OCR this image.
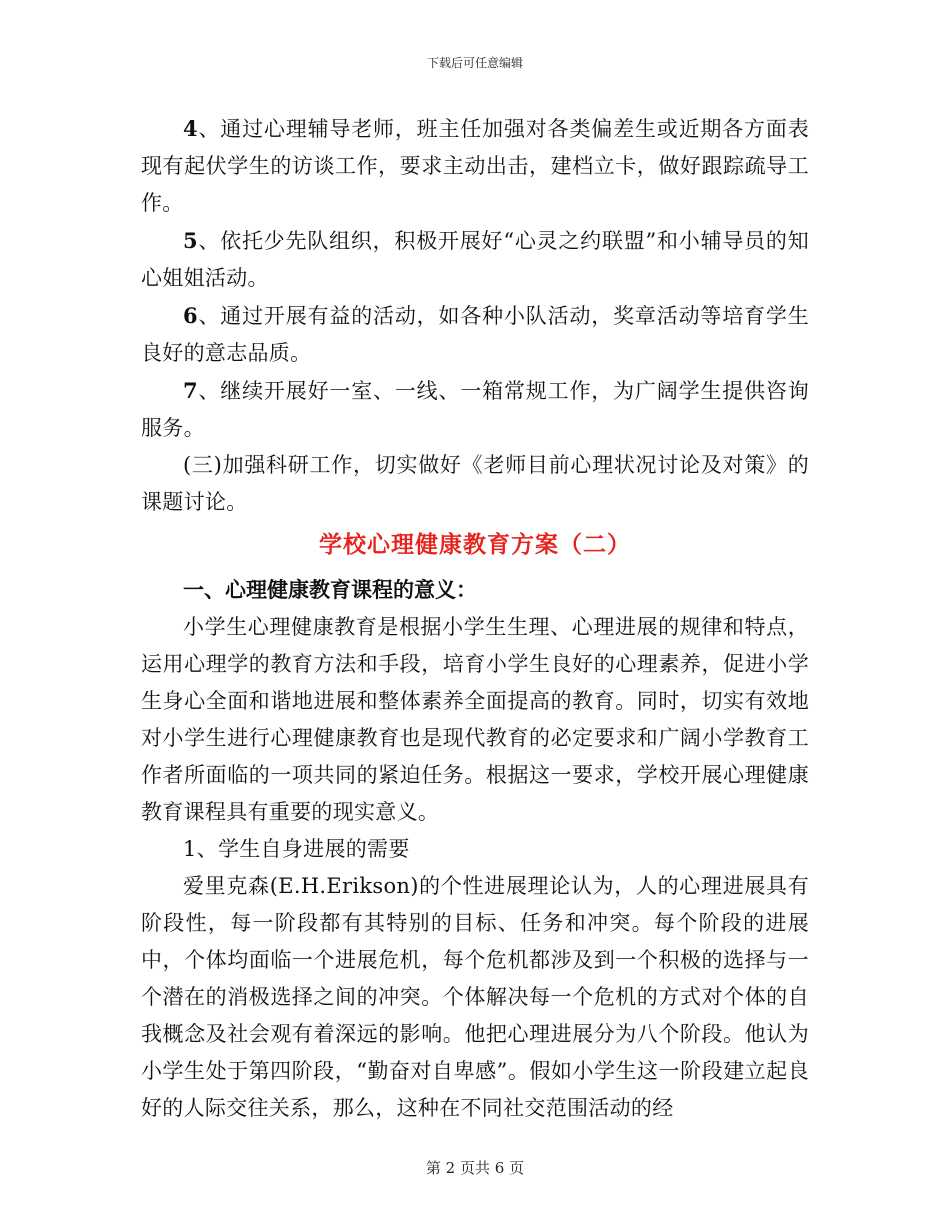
下载后可任意编辑

4、通过心理辅导老师，班主任加强对各类偏差生或近期各方面表现有起伏学生的访谈工作，要求主动出击，建档立卡，做好跟踪疏导工作。

5、依托少先队组织，积极开展好“心灵之约联盟”和小辅导员的知心姐姐活动。

6、通过开展有益的活动，如各种小队活动，奖章活动等培育学生良好的意志品质。

7、继续开展好一室、一线、一箱常规工作，为广阔学生提供咨询服务。

(三)加强科研工作，切实做好《老师目前心理状况讨论及对策》的课题讨论。

学校心理健康教育方案（二）

一、心理健康教育课程的意义：

小学生心理健康教育是根据小学生生理、心理进展的规律和特点，运用心理学的教育方法和手段，培育小学生良好的心理素养，促进小学生身心全面和谐地进展和整体素养全面提高的教育。同时，切实有效地对小学生进行心理健康教育也是现代教育的必定要求和广阔小学教育工作者所面临的一项共同的紧迫任务。根据这一要求，学校开展心理健康教育课程具有重要的现实意义。

1、学生自身进展的需要

爱里克森(E.H.Erikson)的个性进展理论认为，人的心理进展具有阶段性，每一阶段都有其特别的目标、任务和冲突。每个阶段的进展中，个体均面临一个进展危机，每个危机都涉及到一个积极的选择与一个潜在的消极选择之间的冲突。个体解决每一个危机的方式对个体的自我概念及社会观有着深远的影响。他把心理进展分为八个阶段。他认为小学生处于第四阶段，“勤奋对自卑感”。假如小学生这一阶段建立起良好的人际交往关系，那么，这种在不同社交范围活动的经

第 2 页共 6 页
